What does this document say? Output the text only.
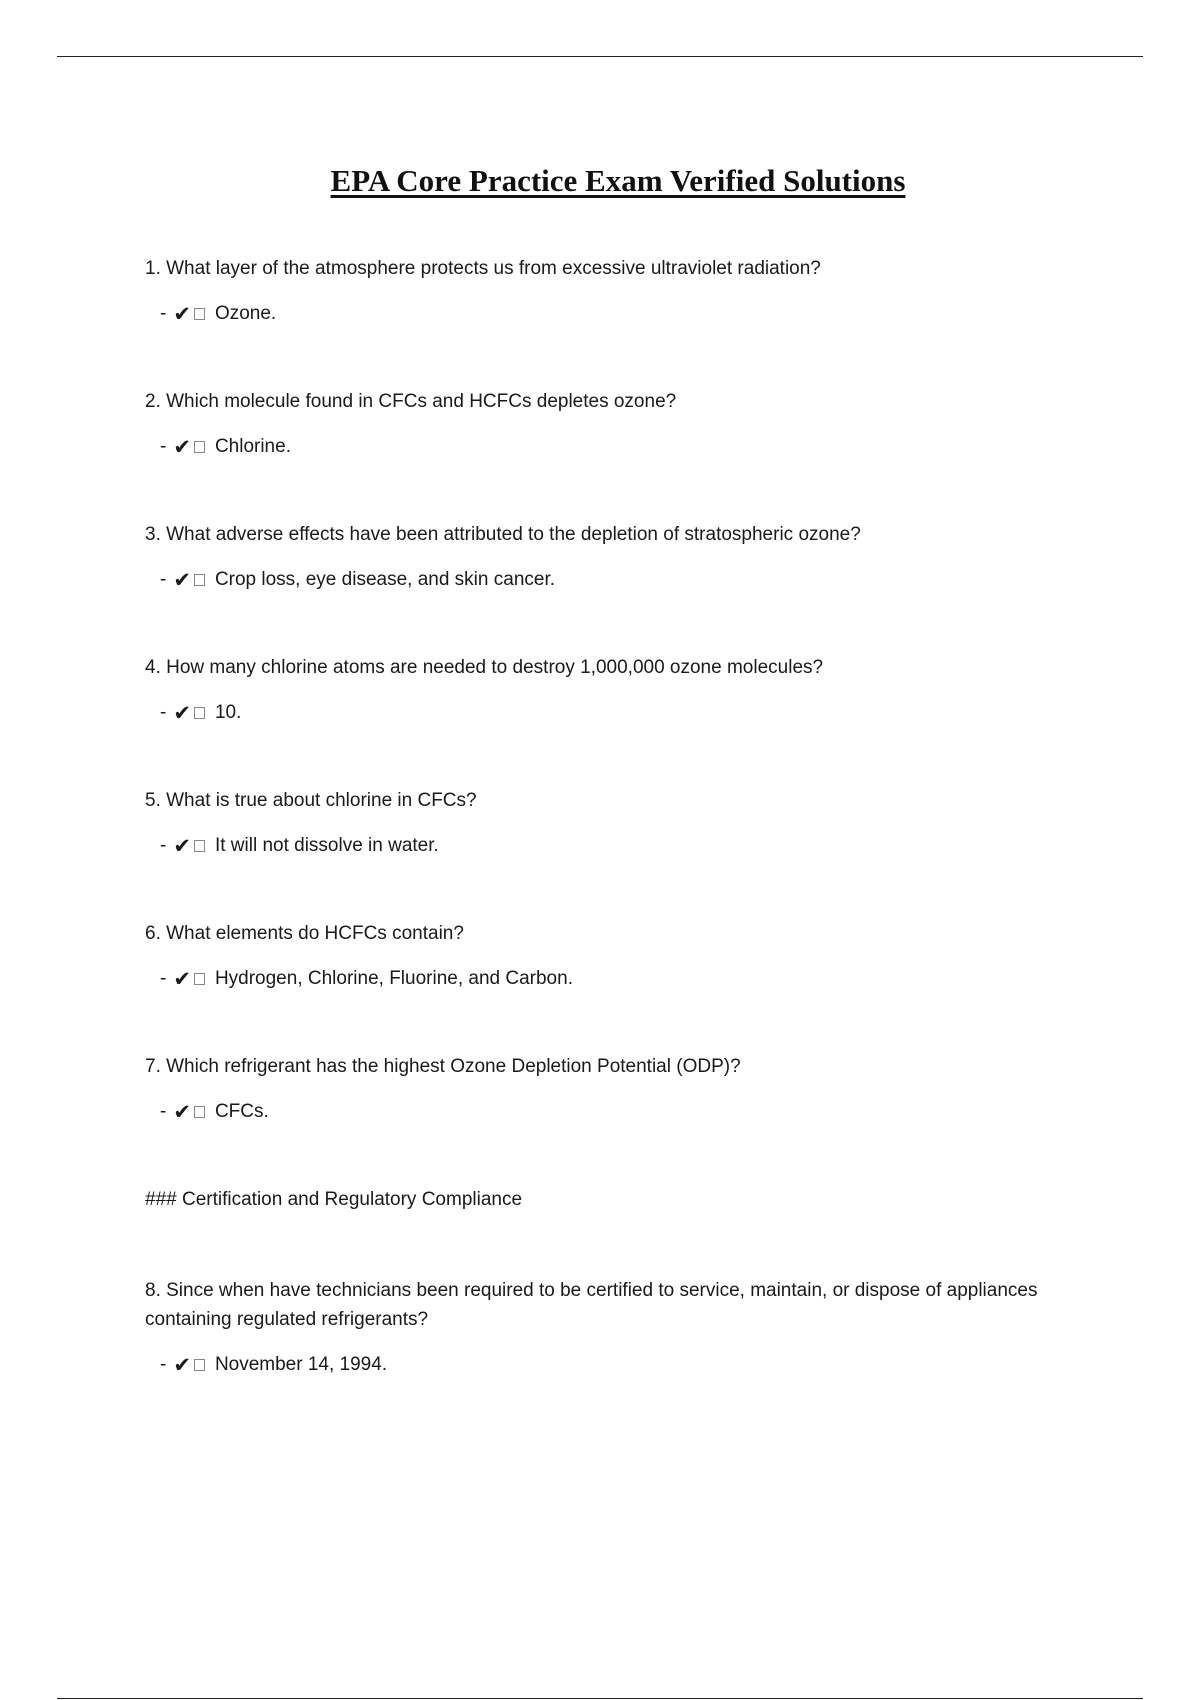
EPA Core Practice Exam Verified Solutions

1. What layer of the atmosphere protects us from excessive ultraviolet radiation?

- ✔ Ozone.

2. Which molecule found in CFCs and HCFCs depletes ozone?

- ✔ Chlorine.

3. What adverse effects have been attributed to the depletion of stratospheric ozone?

- ✔ Crop loss, eye disease, and skin cancer.

4. How many chlorine atoms are needed to destroy 1,000,000 ozone molecules?

- ✔ 10.

5. What is true about chlorine in CFCs?

- ✔ It will not dissolve in water.

6. What elements do HCFCs contain?

- ✔ Hydrogen, Chlorine, Fluorine, and Carbon.

7. Which refrigerant has the highest Ozone Depletion Potential (ODP)?

- ✔ CFCs.

### Certification and Regulatory Compliance

8. Since when have technicians been required to be certified to service, maintain, or dispose of appliances containing regulated refrigerants?

- ✔ November 14, 1994.
